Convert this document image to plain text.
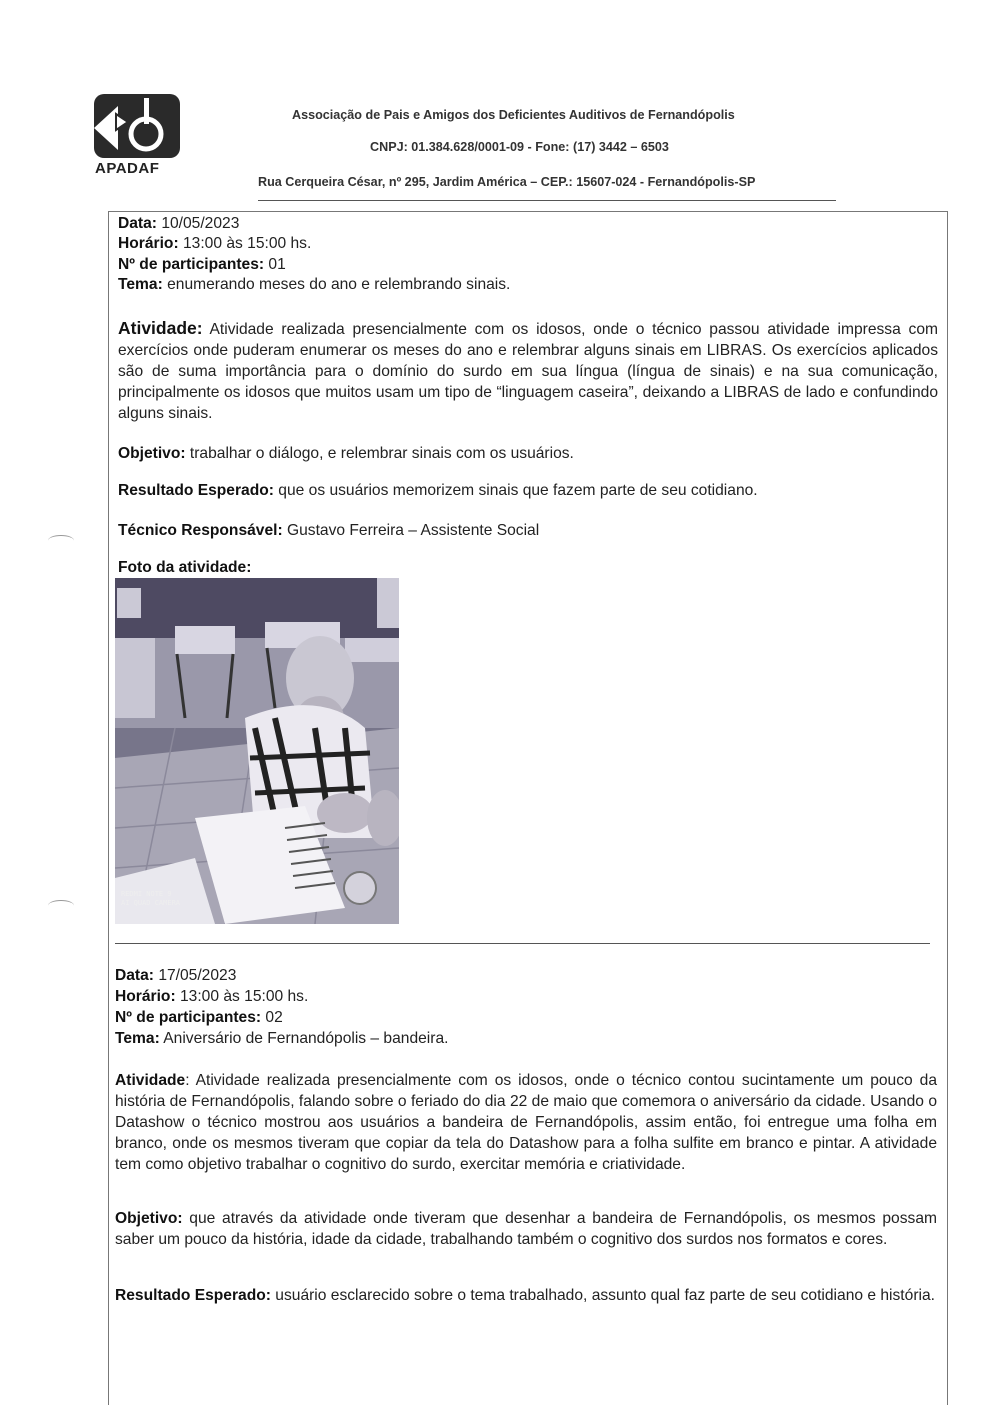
APADAF
Associação de Pais e Amigos dos Deficientes Auditivos de Fernandópolis
CNPJ: 01.384.628/0001-09 - Fone: (17) 3442 – 6503
Rua Cerqueira César, nº 295, Jardim América – CEP.: 15607-024 - Fernandópolis-SP
Data: 10/05/2023
Horário: 13:00 às 15:00 hs.
Nº de participantes: 01
Tema: enumerando meses do ano e relembrando sinais.
Atividade: Atividade realizada presencialmente com os idosos, onde o técnico passou atividade impressa com exercícios onde puderam enumerar os meses do ano e relembrar alguns sinais em LIBRAS. Os exercícios aplicados são de suma importância para o domínio do surdo em sua língua (língua de sinais) e na sua comunicação, principalmente os idosos que muitos usam um tipo de “linguagem caseira”, deixando a LIBRAS de lado e confundindo alguns sinais.
Objetivo: trabalhar o diálogo, e relembrar sinais com os usuários.
Resultado Esperado: que os usuários memorizem sinais que fazem parte de seu cotidiano.
Técnico Responsável: Gustavo Ferreira – Assistente Social
Foto da atividade:
REDMI NOTE 9
AI QUAD CAMERA
Data: 17/05/2023
Horário: 13:00 às 15:00 hs.
Nº de participantes: 02
Tema: Aniversário de Fernandópolis – bandeira.
Atividade: Atividade realizada presencialmente com os idosos, onde o técnico contou sucintamente um pouco da história de Fernandópolis, falando sobre o feriado do dia 22 de maio que comemora o aniversário da cidade. Usando o Datashow o técnico mostrou aos usuários a bandeira de Fernandópolis, assim então, foi entregue uma folha em branco, onde os mesmos tiveram que copiar da tela do Datashow para a folha sulfite em branco e pintar. A atividade tem como objetivo trabalhar o cognitivo do surdo, exercitar memória e criatividade.
Objetivo: que através da atividade onde tiveram que desenhar a bandeira de Fernandópolis, os mesmos possam saber um pouco da história, idade da cidade, trabalhando também o cognitivo dos surdos nos formatos e cores.
Resultado Esperado: usuário esclarecido sobre o tema trabalhado, assunto qual faz parte de seu cotidiano e história.
